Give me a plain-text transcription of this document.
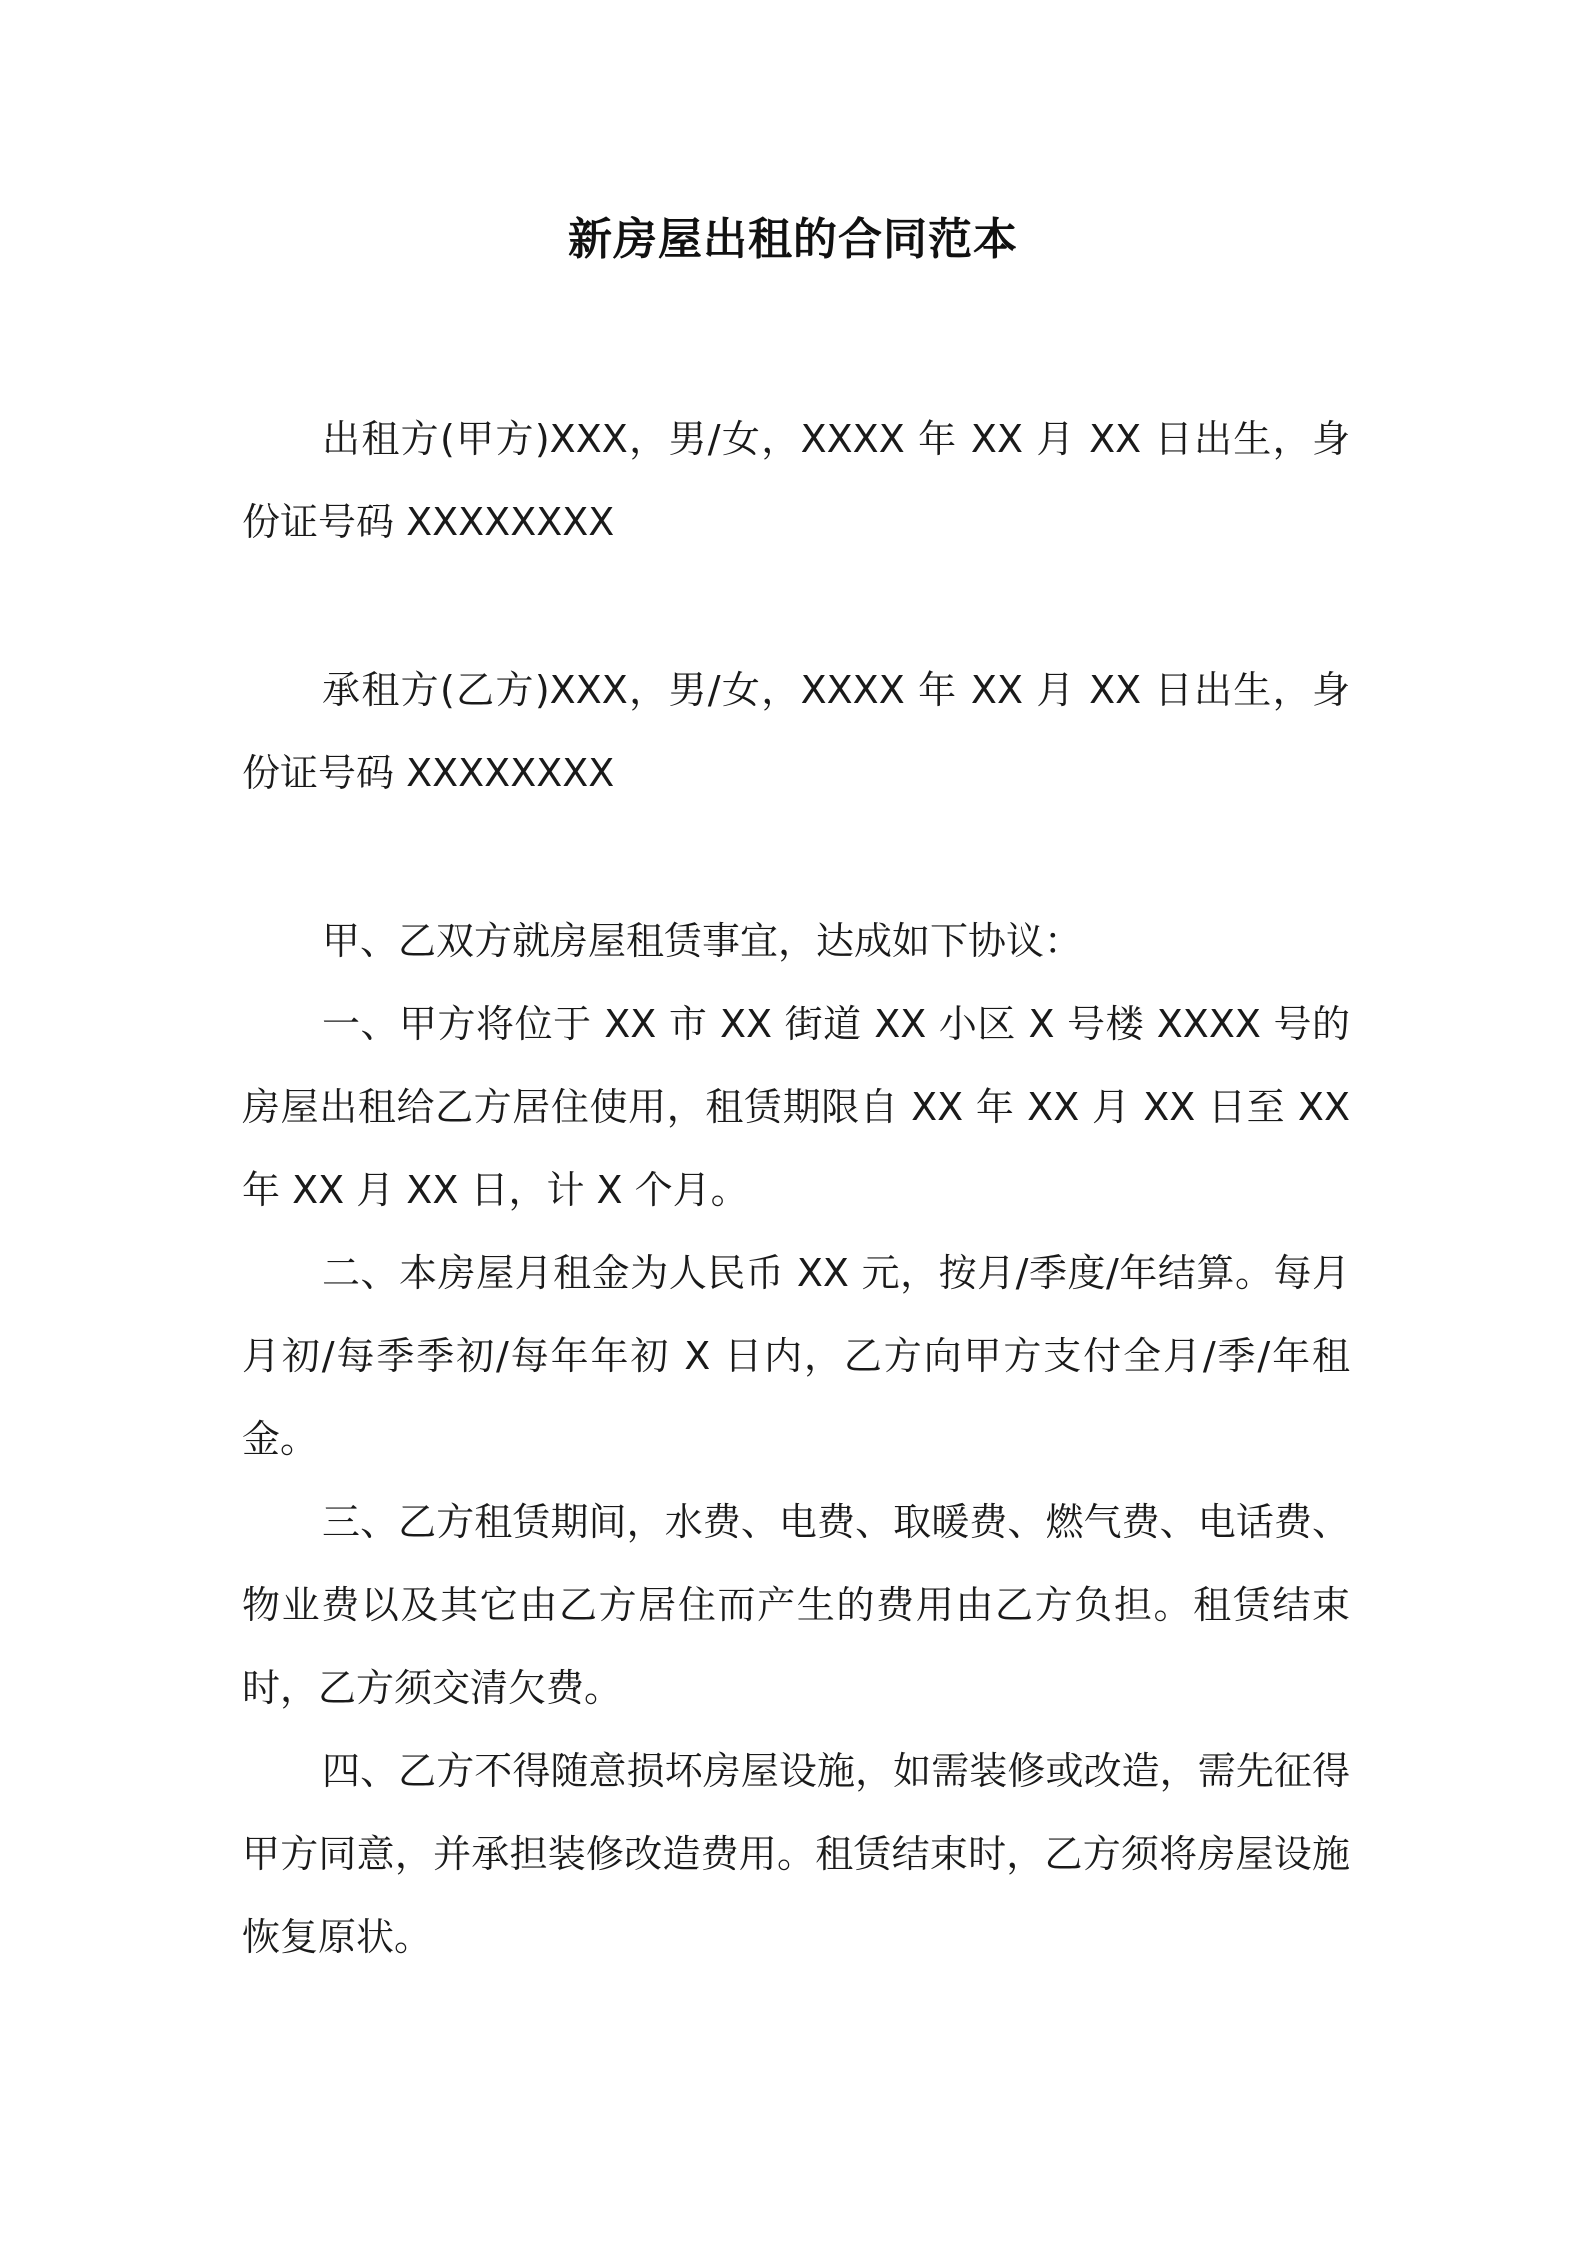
新房屋出租的合同范本

出租方(甲方)XXX，男/女，XXXX 年 XX 月 XX 日出生，身份证号码 XXXXXXXX

承租方(乙方)XXX，男/女，XXXX 年 XX 月 XX 日出生，身份证号码 XXXXXXXX

甲、乙双方就房屋租赁事宜，达成如下协议：

一、甲方将位于 XX 市 XX 街道 XX 小区 X 号楼 XXXX 号的房屋出租给乙方居住使用，租赁期限自 XX 年 XX 月 XX 日至 XX 年 XX 月 XX 日，计 X 个月。

二、本房屋月租金为人民币 XX 元，按月/季度/年结算。每月月初/每季季初/每年年初 X 日内，乙方向甲方支付全月/季/年租金。

三、乙方租赁期间，水费、电费、取暖费、燃气费、电话费、物业费以及其它由乙方居住而产生的费用由乙方负担。租赁结束时，乙方须交清欠费。

四、乙方不得随意损坏房屋设施，如需装修或改造，需先征得甲方同意，并承担装修改造费用。租赁结束时，乙方须将房屋设施恢复原状。
